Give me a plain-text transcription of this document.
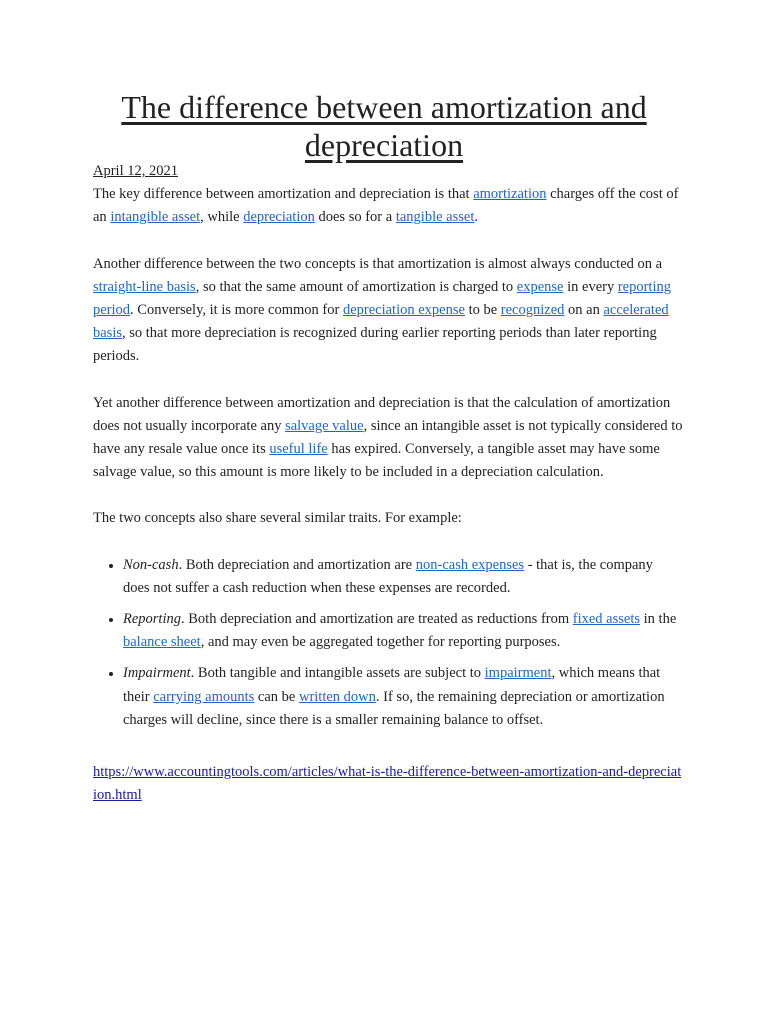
The difference between amortization and depreciation
April 12, 2021

The key difference between amortization and depreciation is that amortization charges off the cost of an intangible asset, while depreciation does so for a tangible asset.

Another difference between the two concepts is that amortization is almost always conducted on a straight-line basis, so that the same amount of amortization is charged to expense in every reporting period. Conversely, it is more common for depreciation expense to be recognized on an accelerated basis, so that more depreciation is recognized during earlier reporting periods than later reporting periods.

Yet another difference between amortization and depreciation is that the calculation of amortization does not usually incorporate any salvage value, since an intangible asset is not typically considered to have any resale value once its useful life has expired. Conversely, a tangible asset may have some salvage value, so this amount is more likely to be included in a depreciation calculation.

The two concepts also share several similar traits. For example:

• Non-cash. Both depreciation and amortization are non-cash expenses - that is, the company does not suffer a cash reduction when these expenses are recorded.
• Reporting. Both depreciation and amortization are treated as reductions from fixed assets in the balance sheet, and may even be aggregated together for reporting purposes.
• Impairment. Both tangible and intangible assets are subject to impairment, which means that their carrying amounts can be written down. If so, the remaining depreciation or amortization charges will decline, since there is a smaller remaining balance to offset.
https://www.accountingtools.com/articles/what-is-the-difference-between-amortization-and-depreciation.html
